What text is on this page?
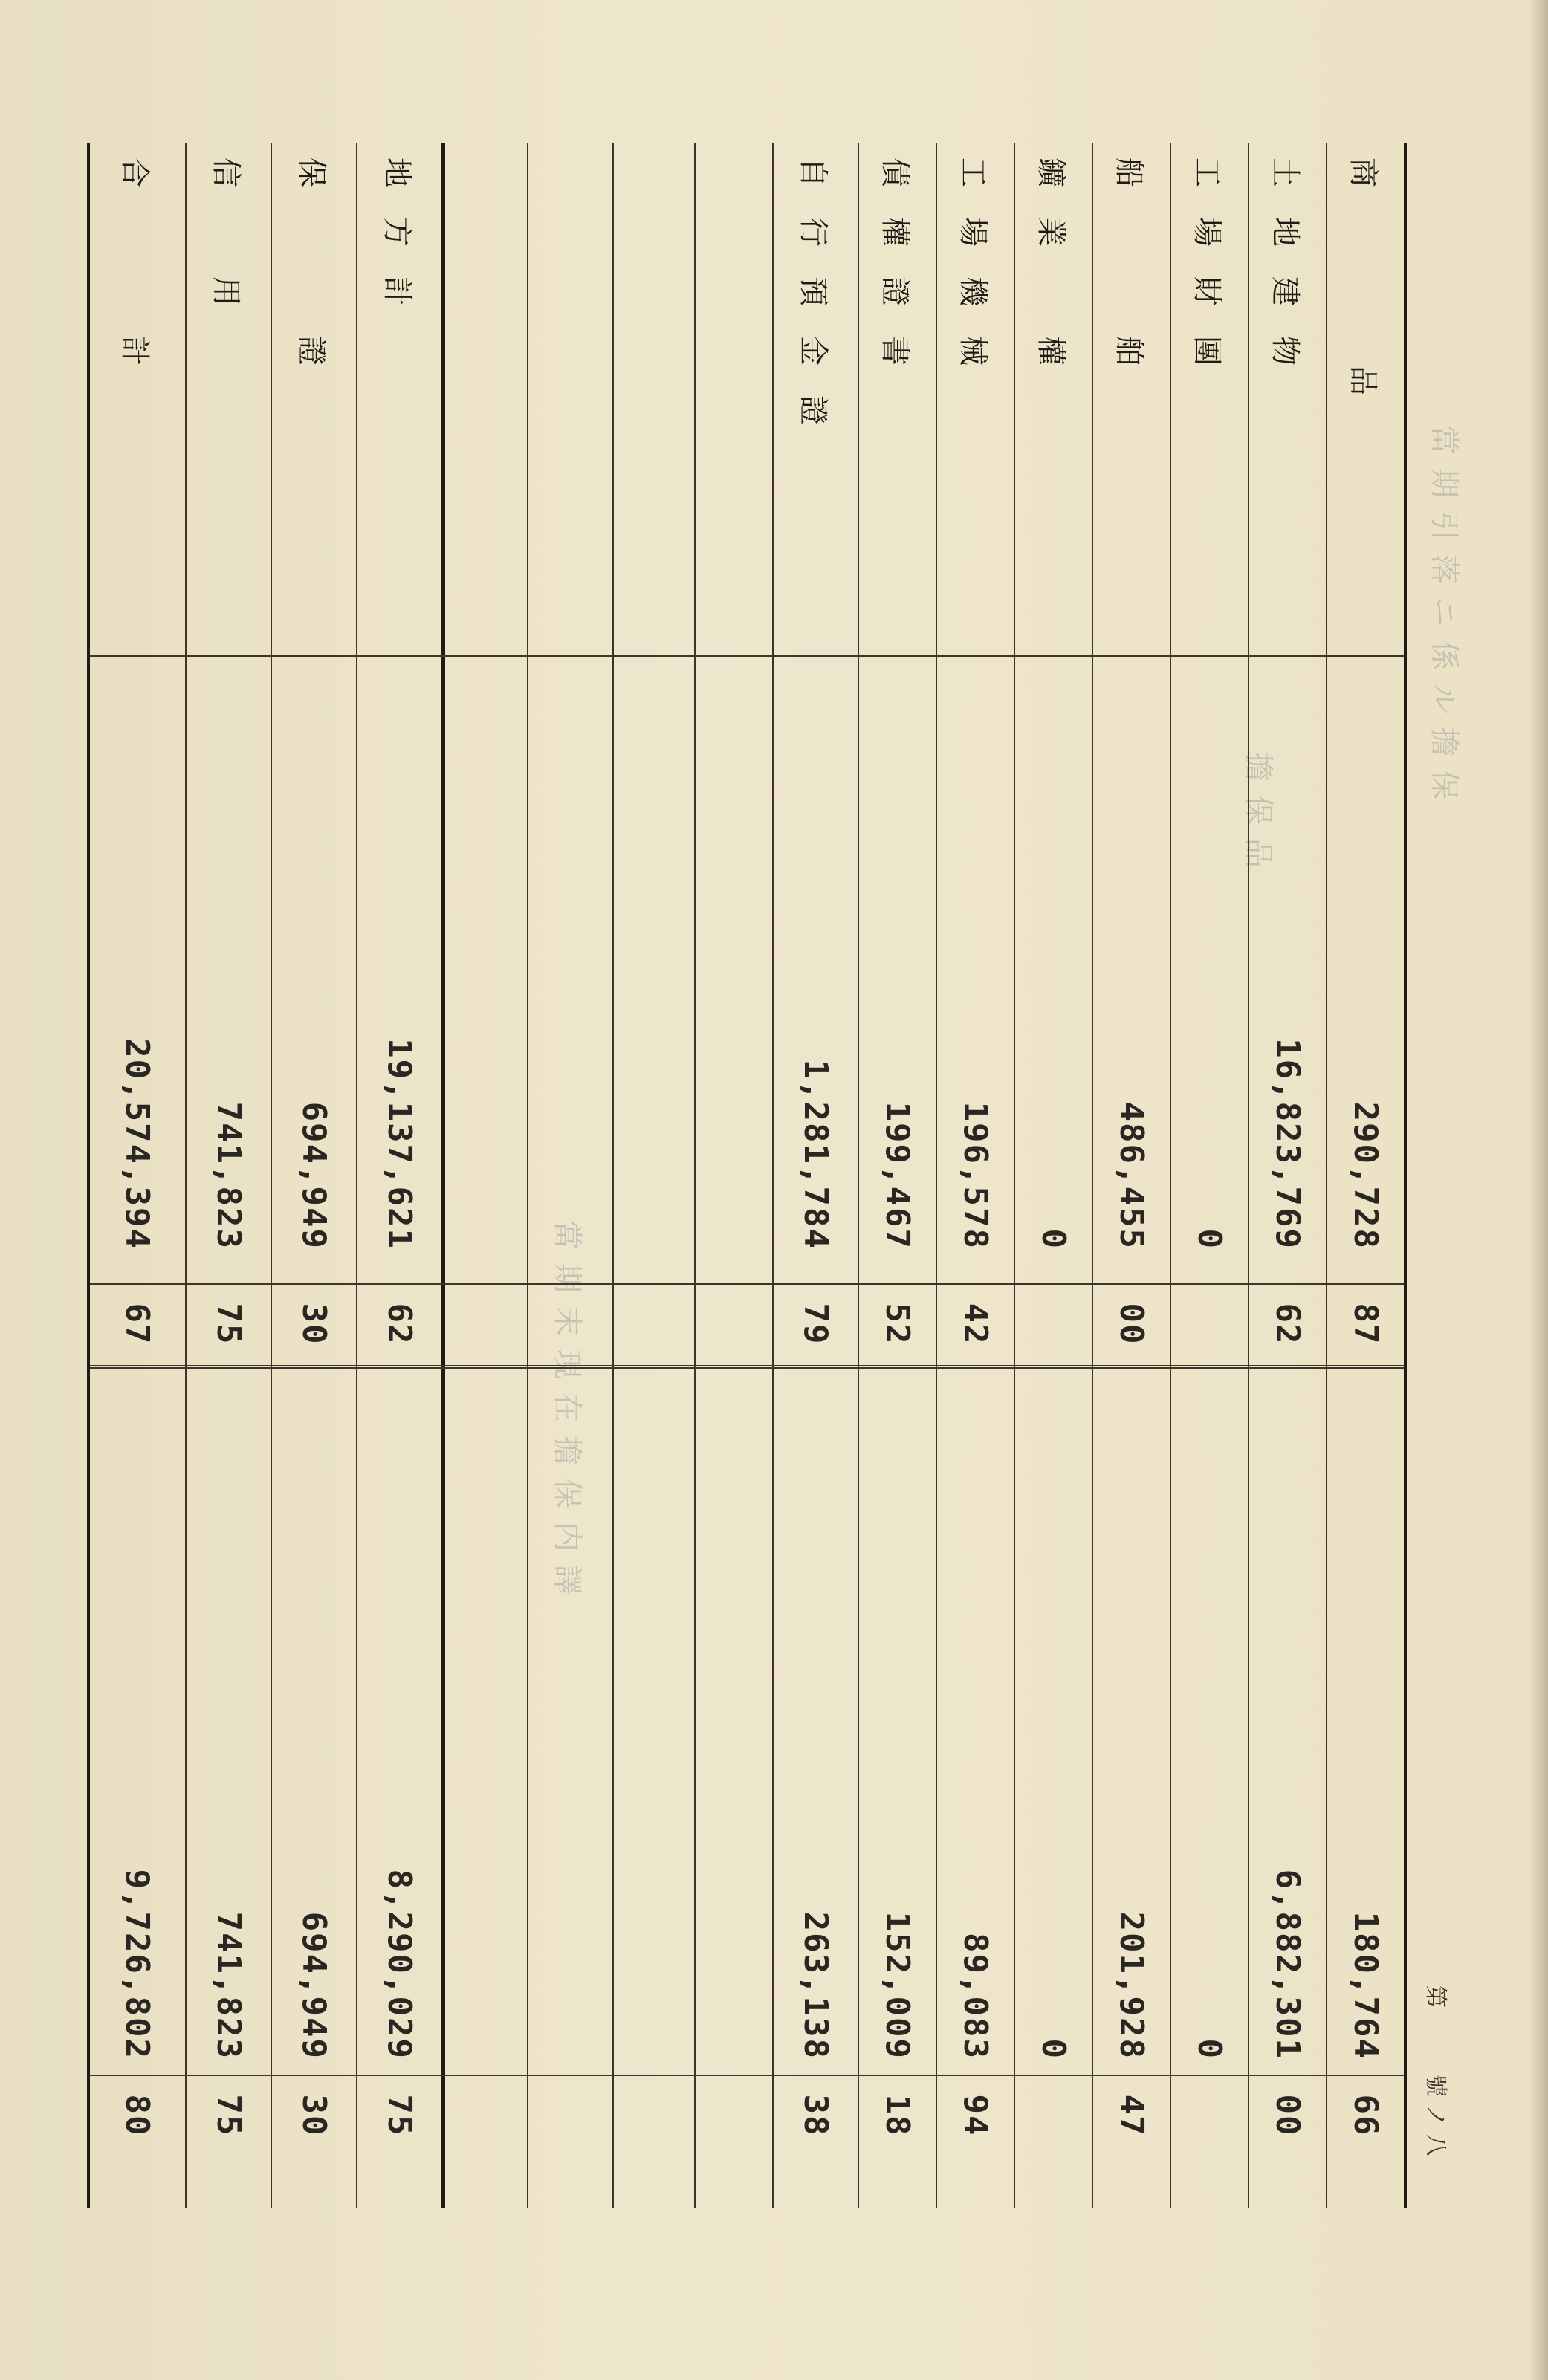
第　　號ノ八
當期引落ニ係ル擔保
擔保品
當期末現在擔保内譯
商　　　　　　品
290,728
87
180,764
66
土　地　建　物
16,823,769
62
6,882,301
00
工　場　財　團
0
0
船　　　　　舶
486,455
00
201,928
47
鑛　業　　　權
0
0
工　場　機　械
196,578
42
89,083
94
債　權　證　書
199,467
52
152,009
18
自　行　預　金　證
1,281,784
79
263,138
38
地　方　計
19,137,621
62
8,290,029
75
保　　　　　證
694,949
30
694,949
30
信　　　用
741,823
75
741,823
75
合　　　　　計
20,574,394
67
9,726,802
80
